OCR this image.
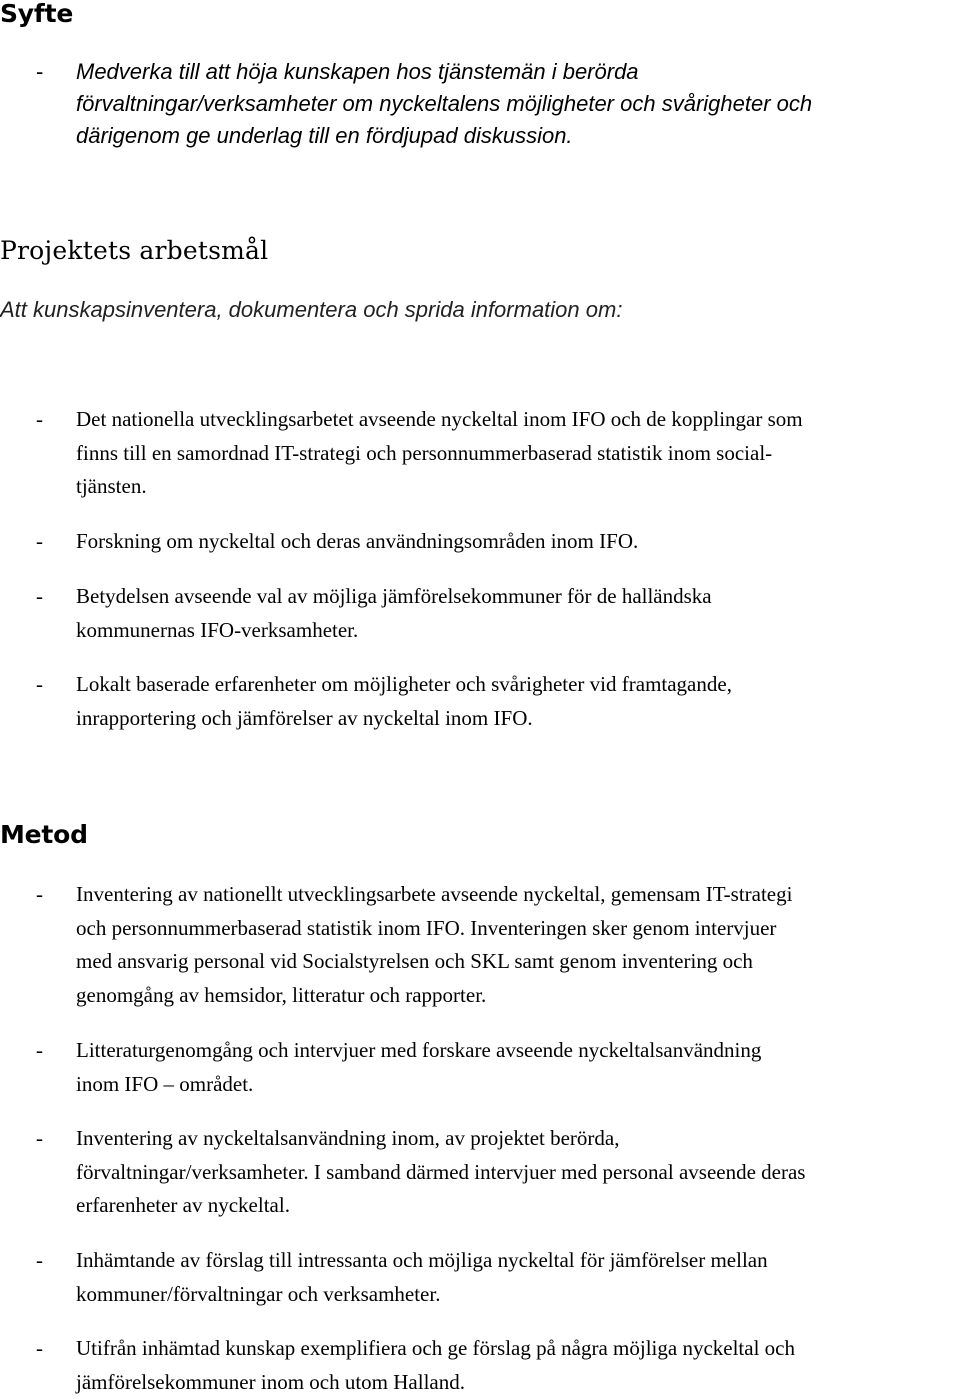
Syfte
- Medverka till att höja kunskapen hos tjänstemän i berörda
förvaltningar/verksamheter om nyckeltalens möjligheter och svårigheter och
därigenom ge underlag till en fördjupad diskussion.
Projektets arbetsmål

Att kunskapsinventera, dokumentera och sprida information om:

- Det nationella utvecklingsarbetet avseende nyckeltal inom IFO och de kopplingar som
finns till en samordnad IT-strategi och personnummerbaserad statistik inom social-
tjänsten.
- Forskning om nyckeltal och deras användningsområden inom IFO.
- Betydelsen avseende val av möjliga jämförelsekommuner för de halländska
kommunernas IFO-verksamheter.
- Lokalt baserade erfarenheter om möjligheter och svårigheter vid framtagande,
inrapportering och jämförelser av nyckeltal inom IFO.
Metod
- Inventering av nationellt utvecklingsarbete avseende nyckeltal, gemensam IT-strategi
och personnummerbaserad statistik inom IFO. Inventeringen sker genom intervjuer
med ansvarig personal vid Socialstyrelsen och SKL samt genom inventering och
genomgång av hemsidor, litteratur och rapporter.
- Litteraturgenomgång och intervjuer med forskare avseende nyckeltalsanvändning
inom IFO – området.
- Inventering av nyckeltalsanvändning inom, av projektet berörda,
förvaltningar/verksamheter. I samband därmed intervjuer med personal avseende deras
erfarenheter av nyckeltal.
- Inhämtande av förslag till intressanta och möjliga nyckeltal för jämförelser mellan
kommuner/förvaltningar och verksamheter.
- Utifrån inhämtad kunskap exemplifiera och ge förslag på några möjliga nyckeltal och
jämförelsekommuner inom och utom Halland.
